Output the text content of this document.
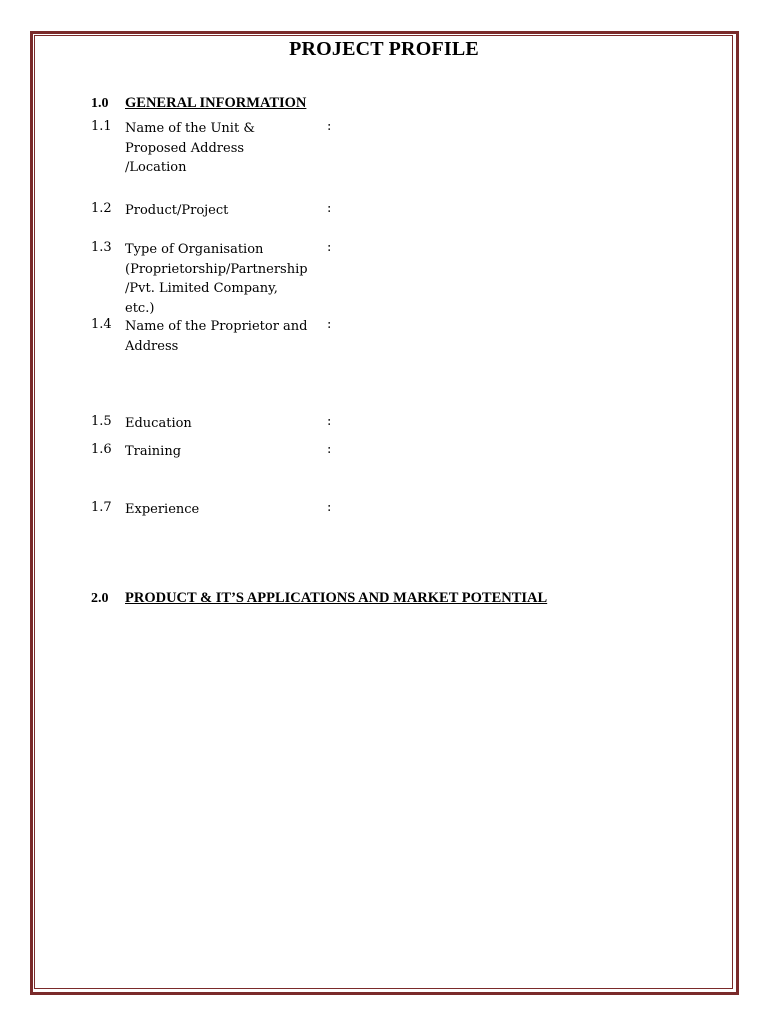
PROJECT PROFILE
1.0 GENERAL INFORMATION
1.1 Name of the Unit &
Proposed Address
/Location
:
1.2 Product/Project	:
1.3 Type of Organisation
(Proprietorship/Partnership
/Pvt. Limited Company,
etc.)
:
1.4 Name of the Proprietor and
Address
:
1.5 Education	:
1.6 Training	:
1.7 Experience	:
2.0 PRODUCT & IT’S APPLICATIONS AND MARKET POTENTIAL
